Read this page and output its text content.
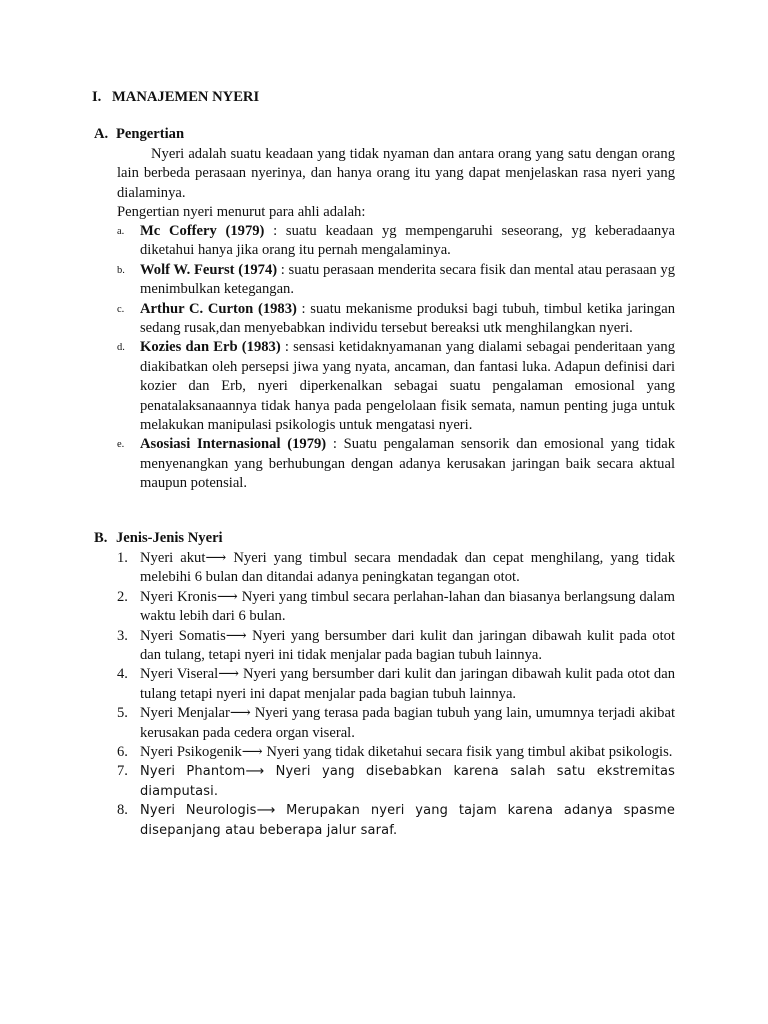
I. MANAJEMEN NYERI
A. Pengertian
Nyeri adalah suatu keadaan yang tidak nyaman dan antara orang yang satu dengan orang lain berbeda perasaan nyerinya, dan hanya orang itu yang dapat menjelaskan rasa nyeri yang dialaminya.
Pengertian nyeri menurut para ahli adalah:
a. Mc Coffery (1979) : suatu keadaan yg mempengaruhi seseorang, yg keberadaanya diketahui hanya jika orang itu pernah mengalaminya.
b. Wolf W. Feurst (1974) : suatu perasaan menderita secara fisik dan mental atau perasaan yg menimbulkan ketegangan.
c. Arthur C. Curton (1983) : suatu mekanisme produksi bagi tubuh, timbul ketika jaringan sedang rusak,dan menyebabkan individu tersebut bereaksi utk menghilangkan nyeri.
d. Kozies dan Erb (1983) : sensasi ketidaknyamanan yang dialami sebagai penderitaan yang diakibatkan oleh persepsi jiwa yang nyata, ancaman, dan fantasi luka. Adapun definisi dari kozier dan Erb, nyeri diperkenalkan sebagai suatu pengalaman emosional yang penatalaksanaannya tidak hanya pada pengelolaan fisik semata, namun penting juga untuk melakukan manipulasi psikologis untuk mengatasi nyeri.
e. Asosiasi Internasional (1979) : Suatu pengalaman sensorik dan emosional yang tidak menyenangkan yang berhubungan dengan adanya kerusakan jaringan baik secara aktual maupun potensial.
B. Jenis-Jenis Nyeri
1. Nyeri akut⟶ Nyeri yang timbul secara mendadak dan cepat menghilang, yang tidak melebihi 6 bulan dan ditandai adanya peningkatan tegangan otot.
2. Nyeri Kronis⟶ Nyeri yang timbul secara perlahan-lahan dan biasanya berlangsung dalam waktu lebih dari 6 bulan.
3. Nyeri Somatis⟶ Nyeri yang bersumber dari kulit dan jaringan dibawah kulit pada otot dan tulang, tetapi nyeri ini tidak menjalar pada bagian tubuh lainnya.
4. Nyeri Viseral⟶ Nyeri yang bersumber dari kulit dan jaringan dibawah kulit pada otot dan tulang tetapi nyeri ini dapat menjalar pada bagian tubuh lainnya.
5. Nyeri Menjalar⟶ Nyeri yang terasa pada bagian tubuh yang lain, umumnya terjadi akibat kerusakan pada cedera organ viseral.
6. Nyeri Psikogenik⟶ Nyeri yang tidak diketahui secara fisik yang timbul akibat psikologis.
7. Nyeri Phantom⟶ Nyeri yang disebabkan karena salah satu ekstremitas diamputasi.
8. Nyeri Neurologis⟶ Merupakan nyeri yang tajam karena adanya spasme disepanjang atau beberapa jalur saraf.
